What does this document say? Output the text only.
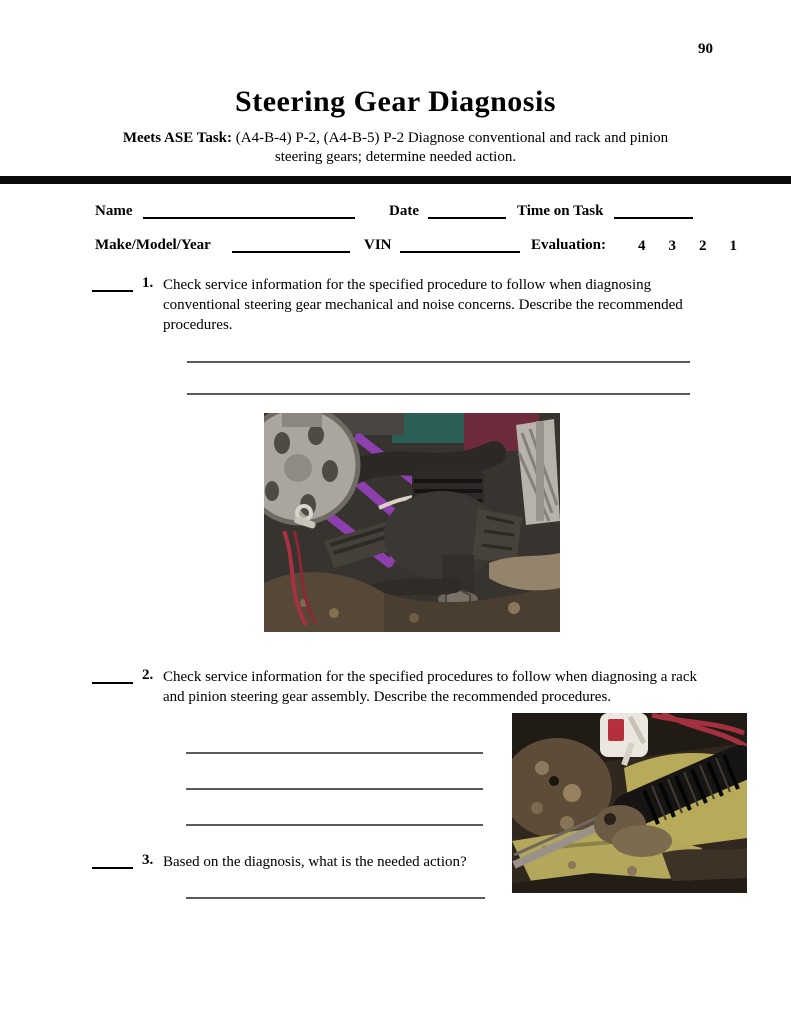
90
Steering Gear Diagnosis
Meets ASE Task: (A4-B-4) P-2, (A4-B-5) P-2 Diagnose conventional and rack and pinion
steering gears; determine needed action.
Name	Date	Time on Task
Make/Model/Year	VIN	Evaluation: 4 3 2 1
1. Check service information for the specified procedure to follow when diagnosing conventional steering gear mechanical and noise concerns. Describe the recommended procedures.
2. Check service information for the specified procedures to follow when diagnosing a rack and pinion steering gear assembly. Describe the recommended procedures.
3. Based on the diagnosis, what is the needed action?
